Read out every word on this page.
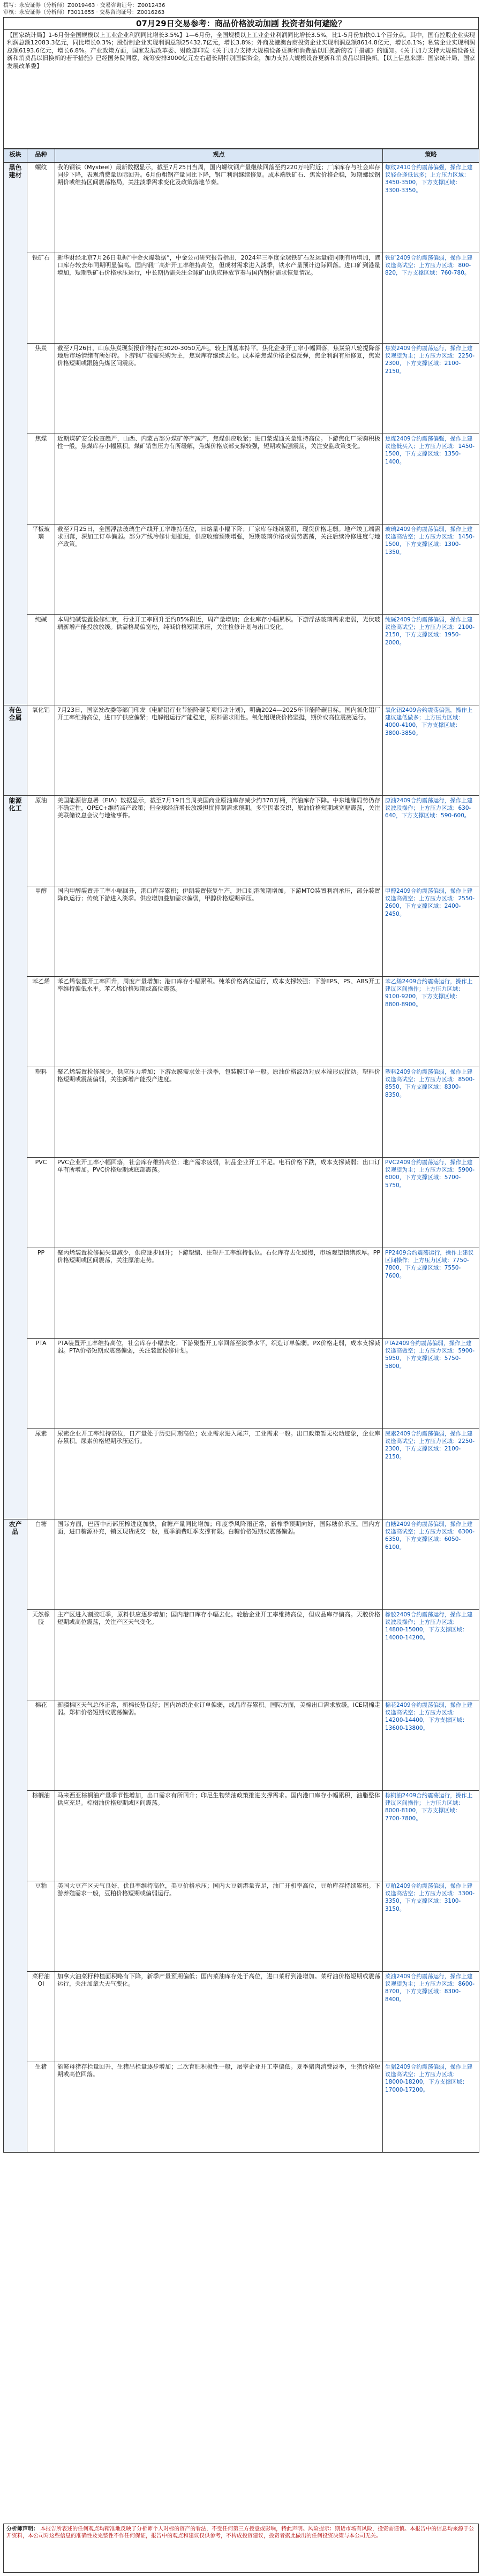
撰写：永安证券（分析师）Z0019463 · 交易咨询证号：Z0012436
审核：永安证券（分析师）F3011655 · 交易咨询证号：Z0016263
07月29日交易参考：商品价格波动加剧 投资者如何避险？
【国家统计局】1-6月份全国规模以上工业企业利润同比增长3.5%】1—6月份，全国规模以上工业企业利润同比增长3.5%，比1-5月份加快0.1个百分点。其中，国有控股企业实现利润总额12083.3亿元，同比增长0.3%；股份制企业实现利润总额25432.7亿元，增长3.8%；外商及港澳台商投资企业实现利润总额8614.8亿元，增长6.1%；私营企业实现利润总额6193.6亿元，增长6.8%。产业政策方面，国家发展改革委、财政部印发《关于加力支持大规模设备更新和消费品以旧换新的若干措施》的通知。《关于加力支持大规模设备更新和消费品以旧换新的若干措施》已经国务院同意，统筹安排3000亿元左右超长期特别国债资金，加力支持大规模设备更新和消费品以旧换新。【以上信息来源：国家统计局、国家发展改革委】
板块	品种	观点	策略
黑色建材	螺纹	我的钢铁（Mysteel）最新数据显示，截至7月25日当周，国内螺纹钢产量继续回落至约220万吨附近；厂库库存与社会库存同步下降，表观消费量边际回升。6月份粗钢产量同比下降，钢厂利润继续修复。成本端铁矿石、焦炭价格企稳，短期螺纹钢期价或维持区间震荡格局，关注淡季需求变化及政策落地节奏。	螺纹2410合约震荡偏强，操作上建议轻仓逢低试多；上方压力区域：3450-3500，下方支撑区域：3300-3350。
	铁矿石	新华财经北京7月26日电据“中金火爆数据”，中金公司研究报告指出，2024年三季度全球铁矿石发运量较同期有所增加，港口库存较去年同期明显偏高。国内钢厂高炉开工率维持高位，但成材需求进入淡季，铁水产量预计边际回落。进口矿到港量增加，短期铁矿石价格承压运行，中长期仍需关注全球矿山供应释放节奏与国内钢材需求恢复情况。	铁矿2409合约震荡偏弱，操作上建议逢高试空；上方压力区域：800-820，下方支撑区域：760-780。
	焦炭	截至7月26日，山东焦炭现货报价维持在3020-3050元/吨，较上周基本持平。焦化企业开工率小幅回落，焦炭第八轮提降落地后市场情绪有所好转。下游钢厂按需采购为主，焦炭库存继续去化。成本端焦煤价格企稳反弹，焦企利润有所修复，焦炭价格短期或跟随焦煤区间震荡。	焦炭2409合约震荡运行，操作上建议观望为主；上方压力区域：2250-2300，下方支撑区域：2100-2150。
	焦煤	近期煤矿安全检查趋严，山西、内蒙古部分煤矿停产减产，焦煤供应收紧；进口蒙煤通关量维持高位。下游焦化厂采购积极性一般，焦煤库存小幅累积。煤矿销售压力有所缓解，焦煤价格底部支撑较强，短期或偏强震荡，关注安监政策变化。	焦煤2409合约震荡偏强，操作上建议逢低买入；上方压力区域：1450-1500，下方支撑区域：1350-1400。
	平板玻璃	截至7月25日，全国浮法玻璃生产线开工率维持低位，日熔量小幅下降；厂家库存继续累积，现货价格走弱。地产竣工端需求回落，深加工订单偏弱。部分产线冷修计划推进，供应收缩预期增强，短期玻璃价格或弱势震荡，关注后续冷修进度与地产政策。	玻璃2409合约震荡偏弱，操作上建议逢高沽空；上方压力区域：1450-1500，下方支撑区域：1300-1350。
	纯碱	本周纯碱装置检修结束，行业开工率回升至约85%附近，周产量增加；企业库存小幅累积。下游浮法玻璃需求走弱，光伏玻璃新增产能投放放缓。供需格局偏宽松，纯碱价格短期承压，关注检修计划与出口变化。	纯碱2409合约震荡偏弱，操作上建议逢高试空；上方压力区域：2100-2150，下方支撑区域：1950-2000。
有色金属	氧化铝	7月23日，国家发改委等部门印发《电解铝行业节能降碳专项行动计划》，明确2024—2025年节能降碳目标。国内氧化铝厂开工率维持高位，进口矿供应偏紧；电解铝运行产能稳定，原料需求刚性。氧化铝现货价格坚挺，期价或高位震荡运行。	氧化铝2409合约震荡偏强，操作上建议逢低做多；上方压力区域：4000-4100，下方支撑区域：3800-3850。
能源化工	原油	美国能源信息署（EIA）数据显示，截至7月19日当周美国商业原油库存减少约370万桶，汽油库存下降。中东地缘局势仍存不确定性，OPEC+维持减产政策；但全球经济增长放缓担忧抑制需求预期。多空因素交织，原油价格短期或宽幅震荡，关注美联储议息会议与地缘事件。	原油2409合约震荡运行，操作上建议波段操作；上方压力区域：630-640，下方支撑区域：590-600。
	甲醇	国内甲醇装置开工率小幅回升，港口库存累积；伊朗装置恢复生产，进口到港预期增加。下游MTO装置利润承压，部分装置降负运行；传统下游进入淡季。供应增加叠加需求偏弱，甲醇价格短期承压。	甲醇2409合约震荡偏弱，操作上建议逢高做空；上方压力区域：2550-2600，下方支撑区域：2400-2450。
	苯乙烯	苯乙烯装置开工率回升，周度产量增加；港口库存小幅累积。纯苯价格高位运行，成本支撑较强；下游EPS、PS、ABS开工率维持偏低水平。苯乙烯价格短期或高位震荡。	苯乙烯2409合约震荡运行，操作上建议区间操作；上方压力区域：9100-9200，下方支撑区域：8800-8900。
	塑料	聚乙烯装置检修减少，供应压力增加；下游农膜需求处于淡季，包装膜订单一般。原油价格波动对成本端形成扰动。塑料价格短期或震荡偏弱，关注新增产能投产进度。	塑料2409合约震荡偏弱，操作上建议逢高试空；上方压力区域：8500-8550，下方支撑区域：8300-8350。
	PVC	PVC企业开工率小幅回落，社会库存维持高位；地产需求疲弱，制品企业开工不足。电石价格下跌，成本支撑减弱；出口订单有所增加。PVC价格短期或底部震荡。	PVC2409合约震荡运行，操作上建议观望为主；上方压力区域：5900-6000，下方支撑区域：5700-5750。
	PP	聚丙烯装置检修损失量减少，供应逐步回升；下游塑编、注塑开工率维持低位。石化库存去化缓慢，市场观望情绪浓厚。PP价格短期或区间震荡，关注原油走势。	PP2409合约震荡运行，操作上建议区间操作；上方压力区域：7750-7800，下方支撑区域：7550-7600。
	PTA	PTA装置开工率维持高位，社会库存小幅去化；下游聚酯开工率回落至淡季水平，织造订单偏弱。PX价格走弱，成本支撑减弱。PTA价格短期或震荡偏弱，关注装置检修计划。	PTA2409合约震荡偏弱，操作上建议逢高做空；上方压力区域：5900-5950，下方支撑区域：5750-5800。
	尿素	尿素企业开工率维持高位，日产量处于历史同期高位；农业需求进入尾声，工业需求一般。出口政策暂无松动迹象，企业库存累积。尿素价格短期承压运行。	尿素2409合约震荡偏弱，操作上建议逢高试空；上方压力区域：2250-2300，下方支撑区域：2100-2150。
农产品	白糖	国际方面，巴西中南部压榨进度加快，食糖产量同比增加；印度季风降雨正常，新榨季预期向好，国际糖价承压。国内方面，进口糖源补充，销区现货成交一般，夏季消费旺季支撑有限。白糖价格短期或震荡偏弱。	白糖2409合约震荡偏弱，操作上建议逢高试空；上方压力区域：6300-6350，下方支撑区域：6050-6100。
	天然橡胶	主产区进入割胶旺季，原料供应逐步增加；国内港口库存小幅去化。轮胎企业开工率维持高位，但成品库存偏高。天胶价格短期或高位震荡，关注产区天气变化。	橡胶2409合约震荡运行，操作上建议波段操作；上方压力区域：14800-15000，下方支撑区域：14000-14200。
	棉花	新疆棉区天气总体正常，新棉长势良好；国内纺织企业订单偏弱，成品库存累积。国际方面，美棉出口需求放缓，ICE期棉走弱。郑棉价格短期或震荡偏弱。	棉花2409合约震荡偏弱，操作上建议逢高试空；上方压力区域：14200-14400，下方支撑区域：13600-13800。
	棕榈油	马来西亚棕榈油产量季节性增加，出口需求有所回升；印尼生物柴油政策推进支撑需求。国内港口库存小幅累积，油脂整体供应充足。棕榈油价格短期或区间震荡。	棕榈油2409合约震荡运行，操作上建议区间操作；上方压力区域：8000-8100，下方支撑区域：7700-7800。
	豆粕	美国大豆产区天气良好，优良率维持高位，美豆价格承压；国内大豆到港量充足，油厂开机率高位，豆粕库存持续累积。下游养殖需求一般，豆粕价格短期或偏弱运行。	豆粕2409合约震荡偏弱，操作上建议逢高沽空；上方压力区域：3300-3350，下方支撑区域：3100-3150。
	菜籽油OI	加拿大油菜籽种植面积略有下降，新季产量预期偏低；国内菜油库存处于高位，进口菜籽到港增加。菜籽油价格短期或震荡运行，关注加拿大天气变化。	菜油2409合约震荡运行，操作上建议观望为主；上方压力区域：8600-8700，下方支撑区域：8300-8400。
	生猪	能繁母猪存栏量回升，生猪出栏量逐步增加；二次育肥积极性一般，屠宰企业开工率偏低。夏季猪肉消费淡季，生猪价格短期或高位回落。	生猪2409合约震荡偏弱，操作上建议逢高试空；上方压力区域：18000-18200，下方支撑区域：17000-17200。
分析师声明： 本报告所表述的任何观点均精准地反映了分析师个人对标的资产的看法，不受任何第三方授意或影响，特此声明。风险提示：期货市场有风险，投资需谨慎。本报告中的信息均来源于公开资料，本公司对这些信息的准确性及完整性不作任何保证，报告中的观点和建议仅供参考，不构成投资建议，投资者据此做出的任何投资决策与本公司无关。
